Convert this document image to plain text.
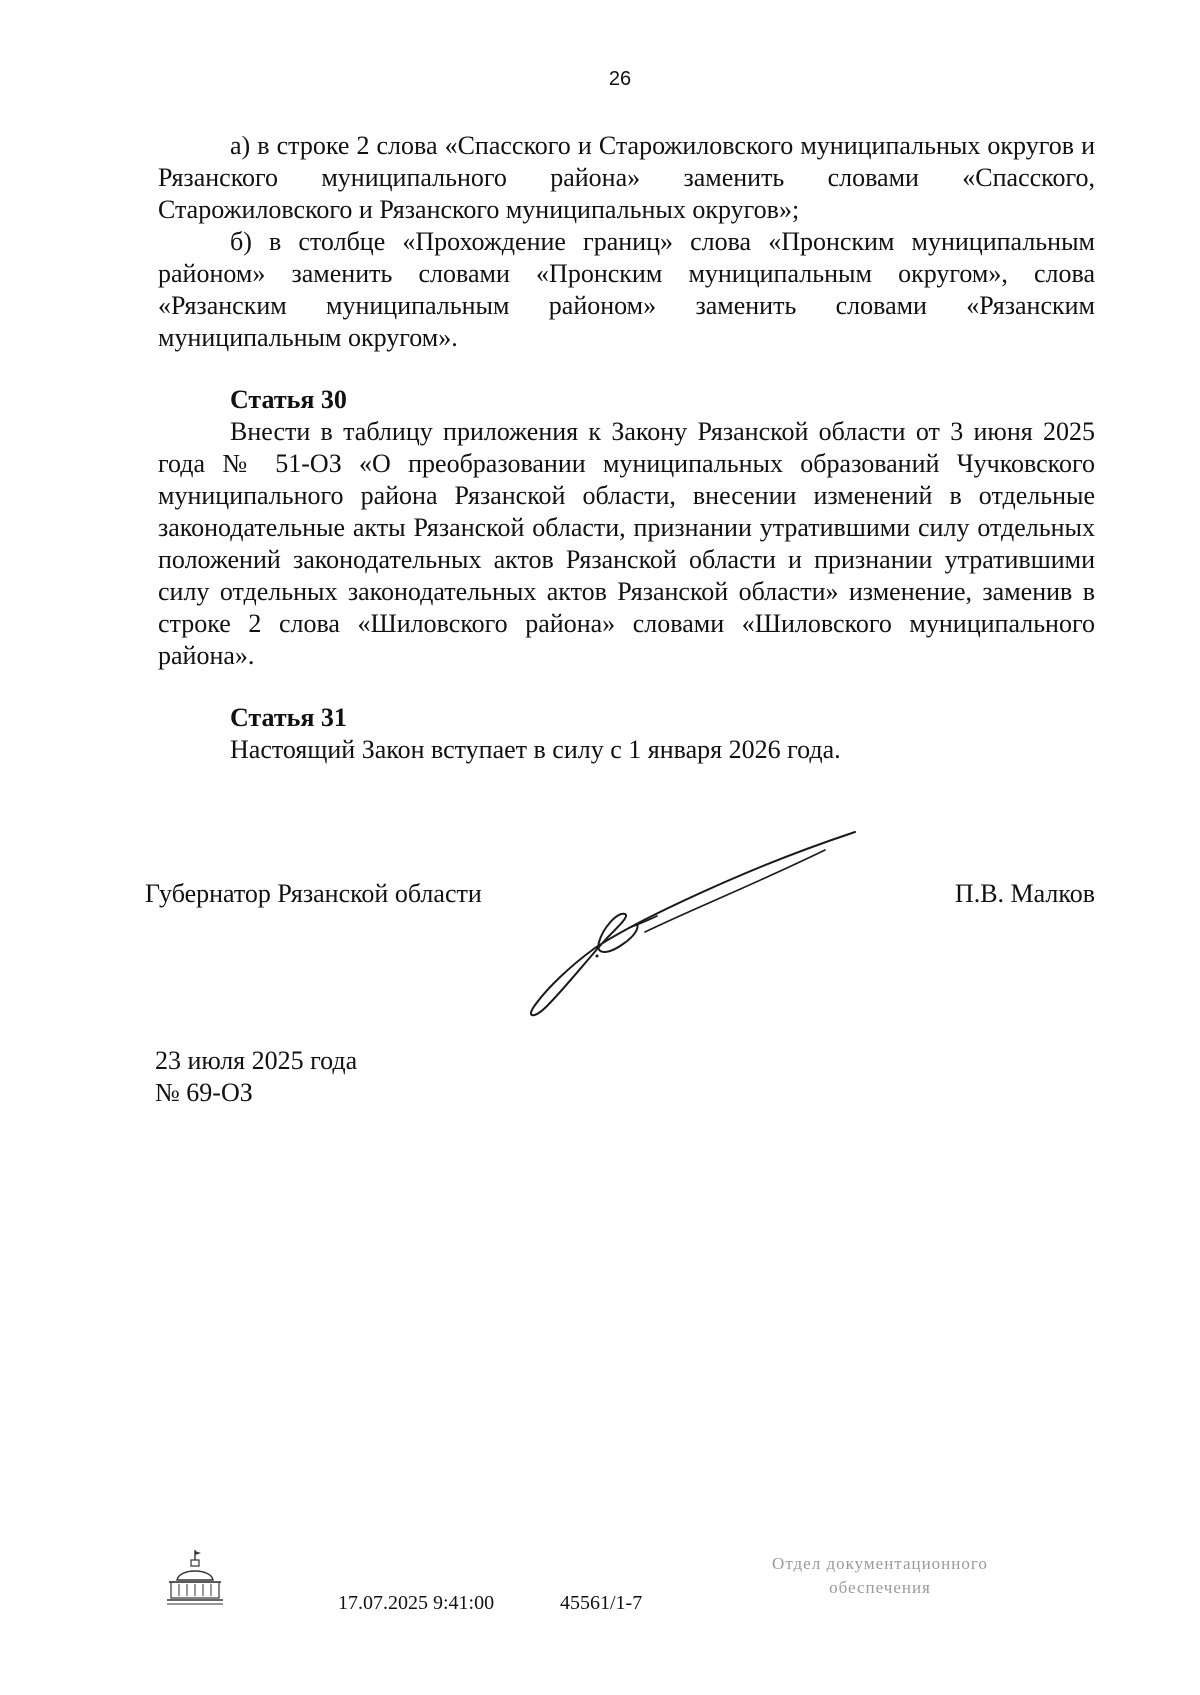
26

а) в строке 2 слова «Спасского и Старожиловского муниципальных округов и Рязанского муниципального района» заменить словами «Спасского, Старожиловского и Рязанского муниципальных округов»;

б) в столбце «Прохождение границ» слова «Пронским муниципальным районом» заменить словами «Пронским муниципальным округом», слова «Рязанским муниципальным районом» заменить словами «Рязанским муниципальным округом».

Статья 30

Внести в таблицу приложения к Закону Рязанской области от 3 июня 2025 года № 51-ОЗ «О преобразовании муниципальных образований Чучковского муниципального района Рязанской области, внесении изменений в отдельные законодательные акты Рязанской области, признании утратившими силу отдельных положений законодательных актов Рязанской области и признании утратившими силу отдельных законодательных актов Рязанской области» изменение, заменив в строке 2 слова «Шиловского района» словами «Шиловского муниципального района».

Статья 31

Настоящий Закон вступает в силу с 1 января 2026 года.

Губернатор Рязанской области	П.В. Малков
23 июля 2025 года
№ 69-ОЗ
17.07.2025 9:41:00	45561/1-7
Отдел документационного
обеспечения
